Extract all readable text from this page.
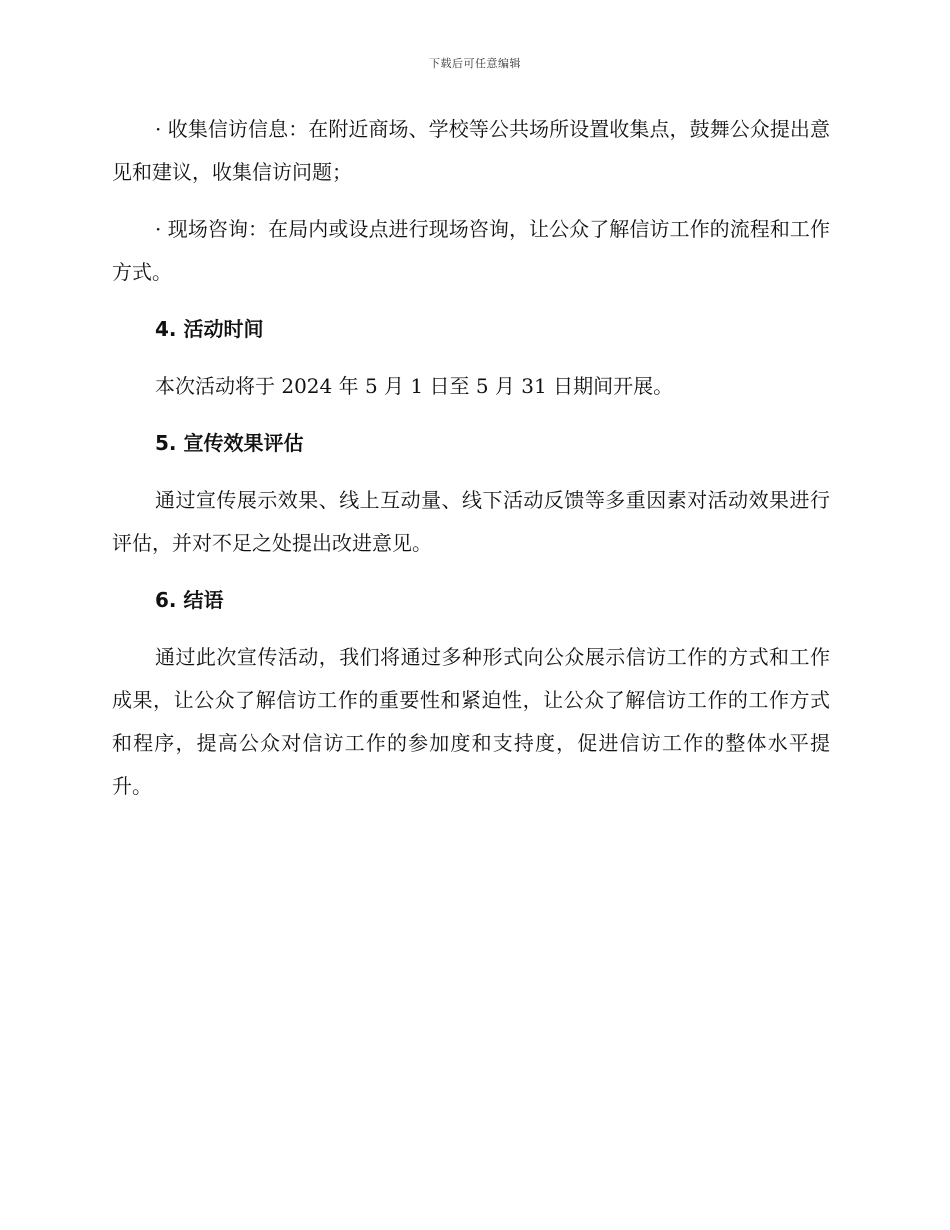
下载后可任意编辑

· 收集信访信息：在附近商场、学校等公共场所设置收集点，鼓舞公众提出意见和建议，收集信访问题；

· 现场咨询：在局内或设点进行现场咨询，让公众了解信访工作的流程和工作方式。

4. 活动时间

本次活动将于 2024 年 5 月 1 日至 5 月 31 日期间开展。

5. 宣传效果评估

通过宣传展示效果、线上互动量、线下活动反馈等多重因素对活动效果进行评估，并对不足之处提出改进意见。

6. 结语

通过此次宣传活动，我们将通过多种形式向公众展示信访工作的方式和工作成果，让公众了解信访工作的重要性和紧迫性，让公众了解信访工作的工作方式和程序，提高公众对信访工作的参加度和支持度，促进信访工作的整体水平提升。
